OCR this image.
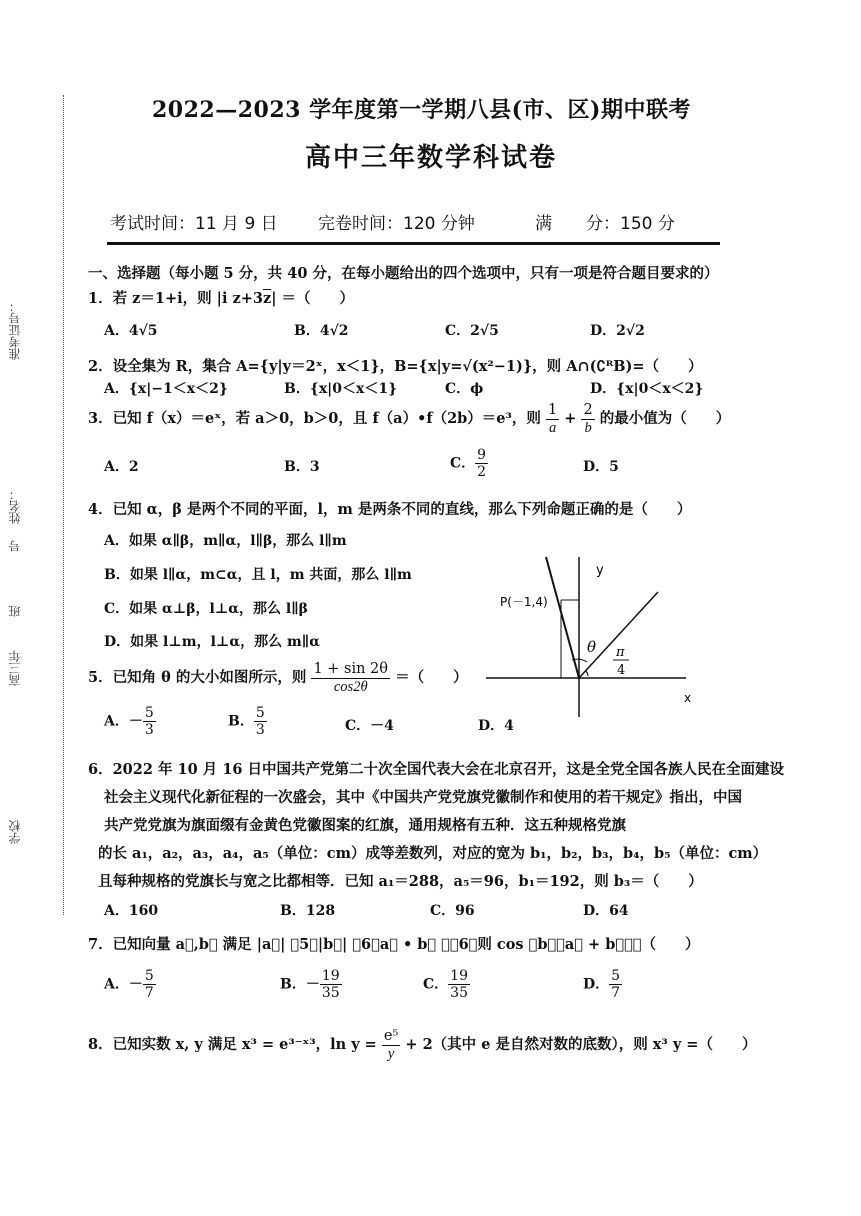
准考证号：
姓名：
号
班
高三年
学校
2022—2023 学年度第一学期八县(市、区)期中联考
高中三年数学科试卷
考试时间：11 月 9 日 完卷时间：120 分钟	满　　分：150 分
一、选择题（每小题 5 分，共 40 分，在每小题给出的四个选项中，只有一项是符合题目要求的）
1．若 z＝1+i，则 |i z+3z| ＝（　　）
A．4√5	B．4√2	C．2√5	D．2√2
2．设全集为 R，集合 A={y|y＝2ˣ，x＜1}，B={x|y=√(x²−1)}，则 A∩(∁ᴿB)=（　　）
A．{x|−1＜x＜2}	B．{x|0＜x＜1}	C．ϕ	D．{x|0＜x＜2}
3．已知 f（x）＝eˣ，若 a＞0，b＞0，且 f（a）•f（2b）＝e³，则 $\frac{1}{a} + \frac{2}{b}$ 的最小值为（　　）
A．2	B．3	C． $\frac{9}{2}$	D．5
4．已知 α，β 是两个不同的平面，l，m 是两条不同的直线，那么下列命题正确的是（　　）
A．如果 α∥β，m∥α，l∥β，那么 l∥m
B．如果 l∥α，m⊂α，且 l，m 共面，那么 l∥m
C．如果 α⊥β，l⊥α，那么 l∥β
D．如果 l⊥m，l⊥α，那么 m∥α
P(－1,4)
y
x
θ π
4
5．已知角 θ 的大小如图所示，则 $\frac{1 + \sin 2\theta}{\cos 2\theta}$ ＝（　　）
A．－ $\frac{5}{3}$	B． $\frac{5}{3}$	C．－4	D．4
6．2022 年 10 月 16 日中国共产党第二十次全国代表大会在北京召开，这是全党全国各族人民在全面建设
社会主义现代化新征程的一次盛会，其中《中国共产党党旗党徽制作和使用的若干规定》指出，中国
共产党党旗为旗面缀有金黄色党徽图案的红旗，通用规格有五种．这五种规格党旗
的长 a₁，a₂，a₃，a₄，a₅（单位：cm）成等差数列，对应的宽为 b₁，b₂，b₃，b₄，b₅（单位：cm）
且每种规格的党旗长与宽之比都相等．已知 a₁＝288，a₅＝96，b₁＝192，则 b₃＝（　　）
A．160	B．128	C．96	D．64
7．已知向量 a⃗,b⃗ 满足 |a⃗| ＝5，|b⃗| ＝6，a⃗ • b⃗ ＝－6，则 cos ＜b⃗，a⃗ + b⃗＞＝（　　）
A．－ $\frac{5}{7}$	B．－ $\frac{19}{35}$	C． $\frac{19}{35}$	D． $\frac{5}{7}$
8．已知实数 x, y 满足 x³ = e³⁻ˣ³，$\ln y = \frac{\text{e⁵}}{y} + 2$（其中 e 是自然对数的底数），则 x³ y =（　　）
